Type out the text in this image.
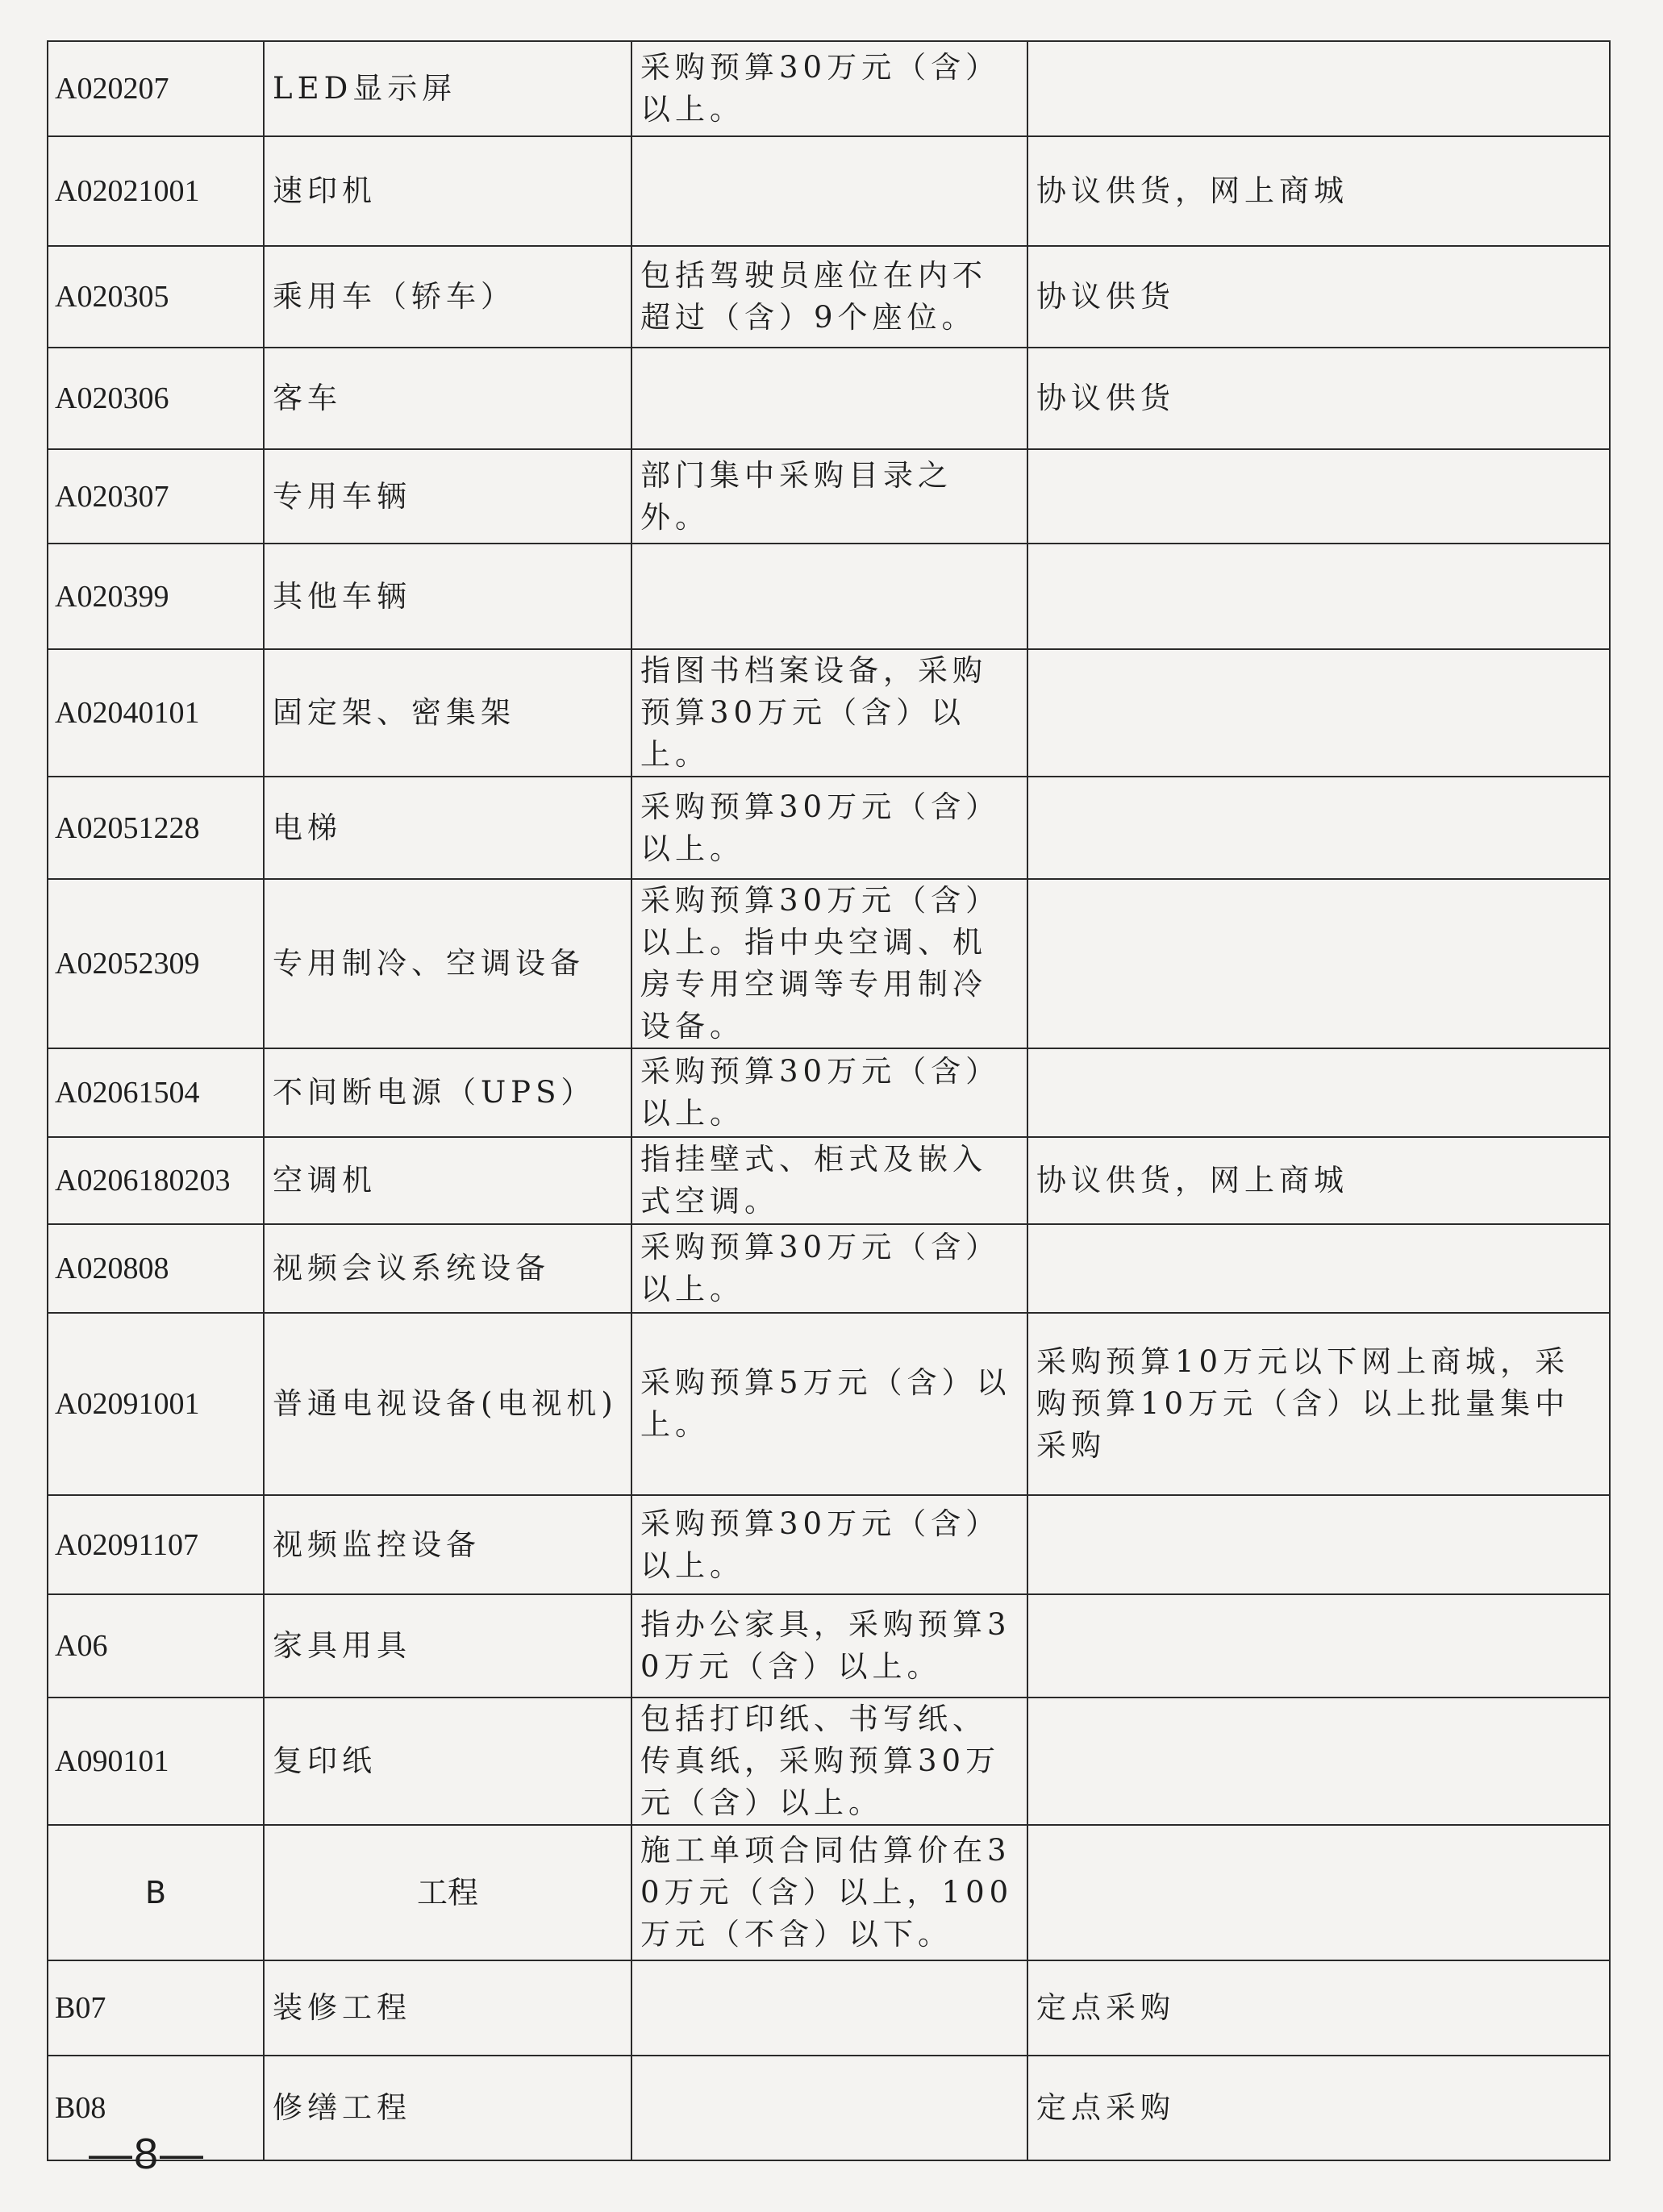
A020207	LED显示屏	采购预算30万元（含）以上。	
A02021001	速印机		协议供货，网上商城
A020305	乘用车（轿车）	包括驾驶员座位在内不超过（含）9个座位。	协议供货
A020306	客车		协议供货
A020307	专用车辆	部门集中采购目录之外。	
A020399	其他车辆		
A02040101	固定架、密集架	指图书档案设备，采购预算30万元（含）以上。	
A02051228	电梯	采购预算30万元（含）以上。	
A02052309	专用制冷、空调设备	采购预算30万元（含）以上。指中央空调、机房专用空调等专用制冷设备。	
A02061504	不间断电源（UPS）	采购预算30万元（含）以上。	
A0206180203	空调机	指挂壁式、柜式及嵌入式空调。	协议供货，网上商城
A020808	视频会议系统设备	采购预算30万元（含）以上。	
A02091001	普通电视设备(电视机)	采购预算5万元（含）以上。	采购预算10万元以下网上商城，采购预算10万元（含）以上批量集中采购
A02091107	视频监控设备	采购预算30万元（含）以上。	
A06	家具用具	指办公家具，采购预算30万元（含）以上。	
A090101	复印纸	包括打印纸、书写纸、传真纸，采购预算30万元（含）以上。	
B	工程	施工单项合同估算价在30万元（含）以上，100万元（不含）以下。	
B07	装修工程		定点采购
B08	修缮工程		定点采购
—8—
